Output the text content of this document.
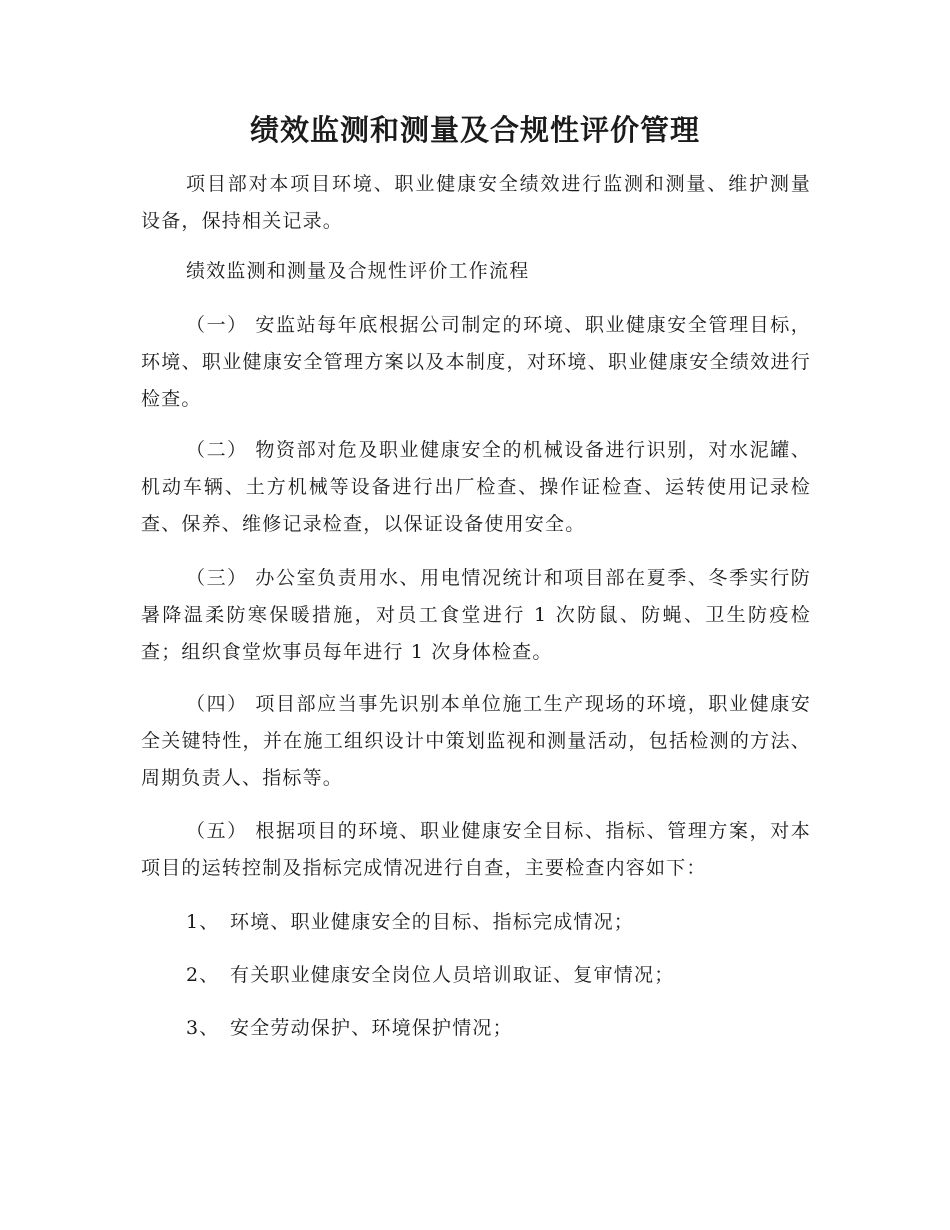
绩效监测和测量及合规性评价管理

项目部对本项目环境、职业健康安全绩效进行监测和测量、维护测量设备，保持相关记录。

绩效监测和测量及合规性评价工作流程

（一） 安监站每年底根据公司制定的环境、职业健康安全管理目标，环境、职业健康安全管理方案以及本制度，对环境、职业健康安全绩效进行检查。

（二） 物资部对危及职业健康安全的机械设备进行识别，对水泥罐、机动车辆、土方机械等设备进行出厂检查、操作证检查、运转使用记录检查、保养、维修记录检查，以保证设备使用安全。

（三） 办公室负责用水、用电情况统计和项目部在夏季、冬季实行防暑降温柔防寒保暖措施，对员工食堂进行 1 次防鼠、防蝇、卫生防疫检查；组织食堂炊事员每年进行 1 次身体检查。

（四） 项目部应当事先识别本单位施工生产现场的环境，职业健康安全关键特性，并在施工组织设计中策划监视和测量活动，包括检测的方法、周期负责人、指标等。

（五） 根据项目的环境、职业健康安全目标、指标、管理方案，对本项目的运转控制及指标完成情况进行自查，主要检查内容如下：

1、 环境、职业健康安全的目标、指标完成情况；

2、 有关职业健康安全岗位人员培训取证、复审情况；

3、 安全劳动保护、环境保护情况；
